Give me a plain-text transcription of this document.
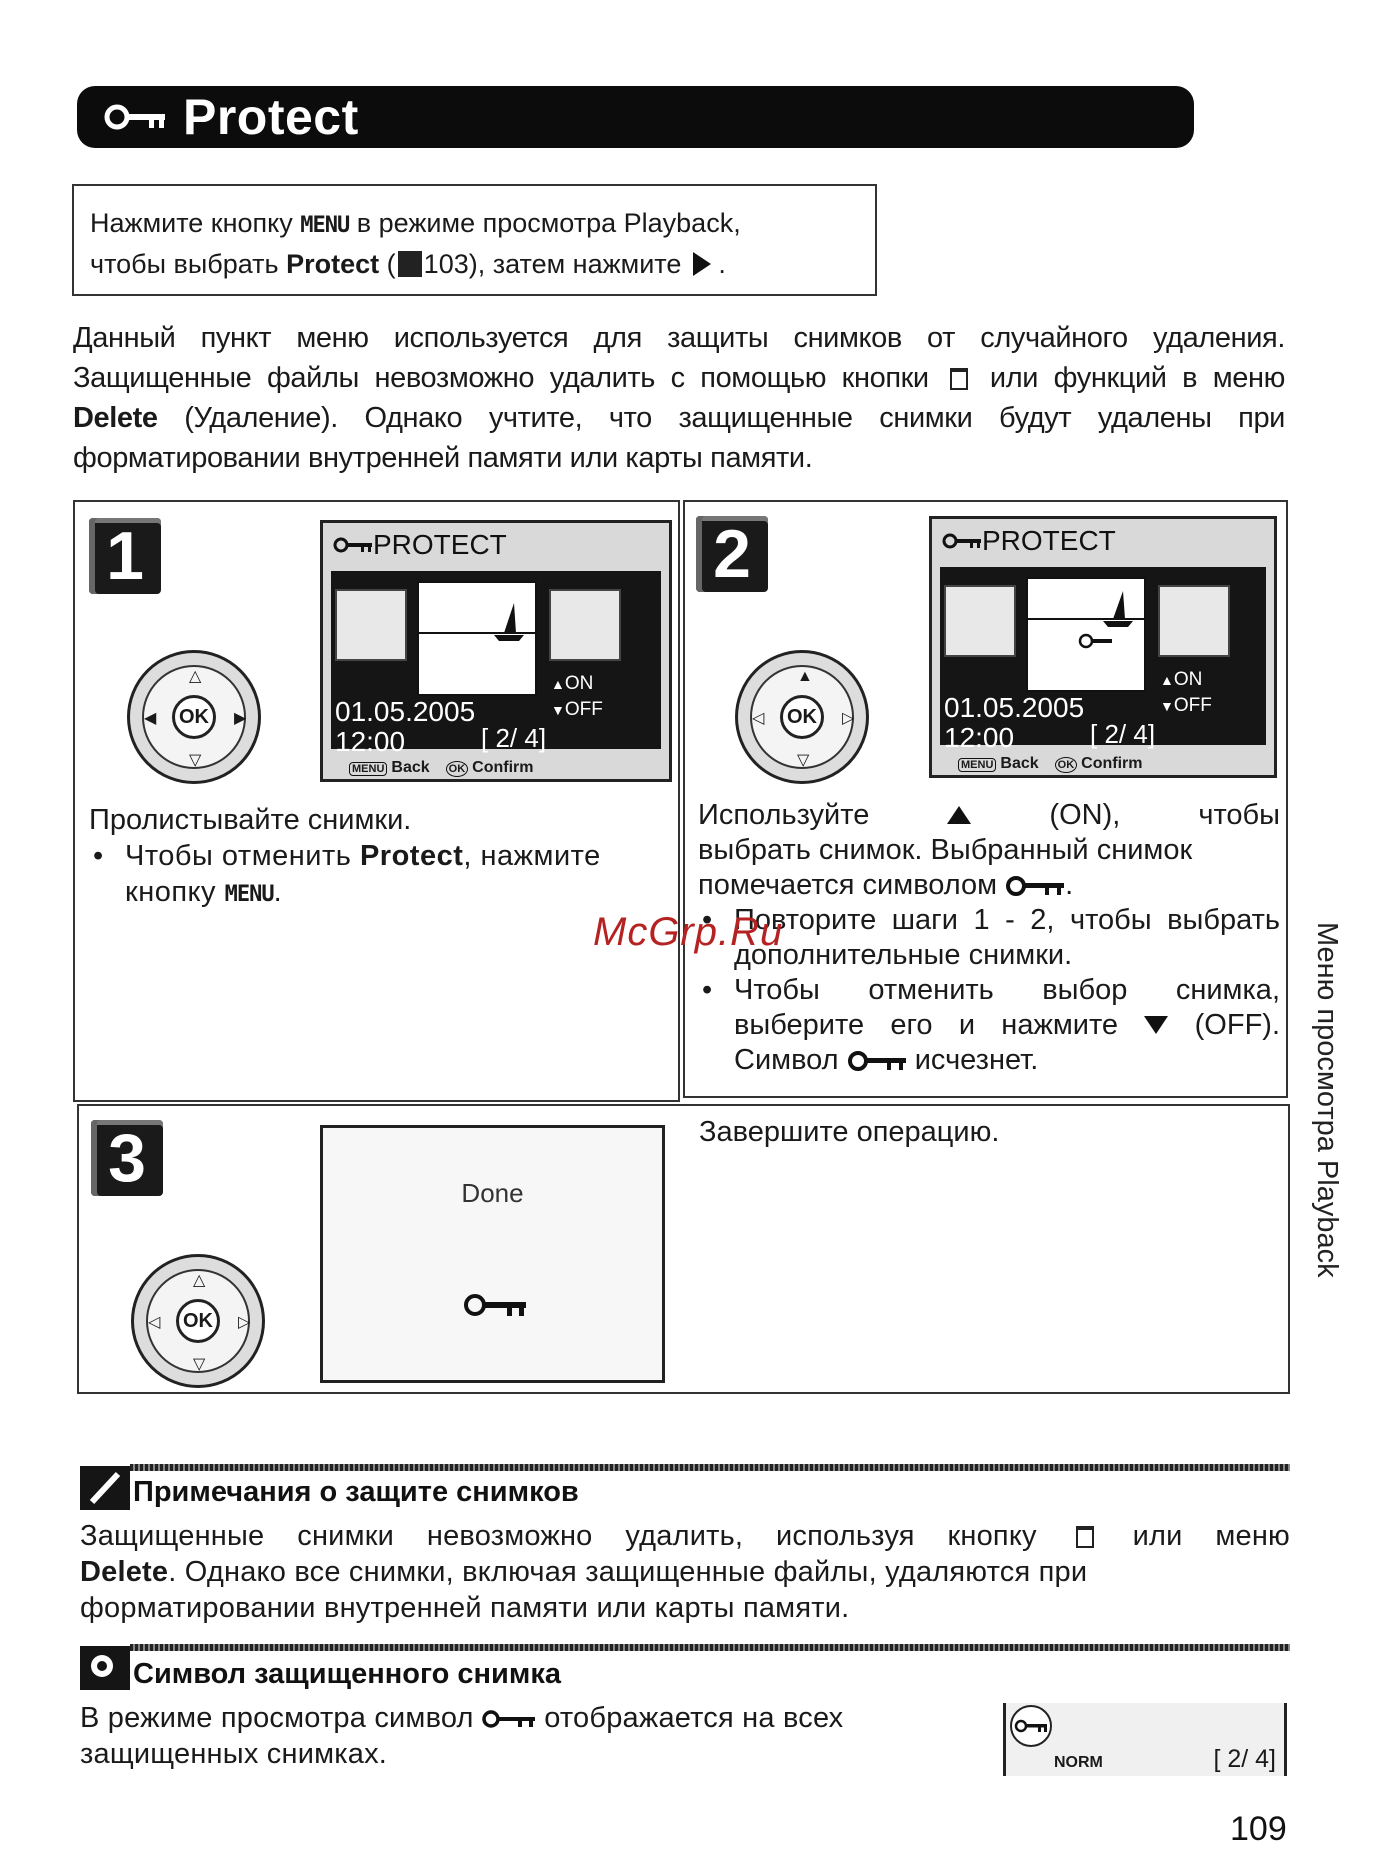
Protect
Нажмите кнопку MENU в режиме просмотра Playback,
чтобы выбрать Protect ( 103), затем нажмите .
Данный пункт меню используется для защиты снимков от случайного удаления.
Защищенные файлы невозможно удалить с помощью кнопки или функций в меню
Delete (Удаление). Однако учтите, что защищенные снимки будут удалены при
форматировании внутренней памяти или карты памяти.
1
△
▽
◀	▶
OK
PROTECT
▲ON
▼OFF
01.05.2005
12:00	[ 2/ 4]
MENU Back OK Confirm
Пролистывайте снимки.
• Чтобы отменить Protect, нажмите кнопку MENU.
2
▲
▽
◁	▷
OK
PROTECT
▲ON
▼OFF
01.05.2005
12:00	[ 2/ 4]
MENU Back OK Confirm
Используйте	(ON), чтобы
выбрать снимок. Выбранный снимок
помечается символом .
• Повторите шаги 1 - 2, чтобы выбрать дополнительные снимки.
• Чтобы отменить выбор снимка, выберите его и нажмите	(OFF). Символ	исчезнет.
3
△
▽
◁	▷
OK
Завершите операцию.
Done	Меню просмотра Playback
McGrp.Ru
Примечания о защите снимков
Защищенные снимки невозможно удалить, используя кнопку	или меню
Delete. Однако все снимки, включая защищенные файлы, удаляются при
форматировании внутренней памяти или карты памяти.
Символ защищенного снимка
В режиме просмотра символ отображается на всех
защищенных снимках.	NORM	[ 2/ 4]
109
